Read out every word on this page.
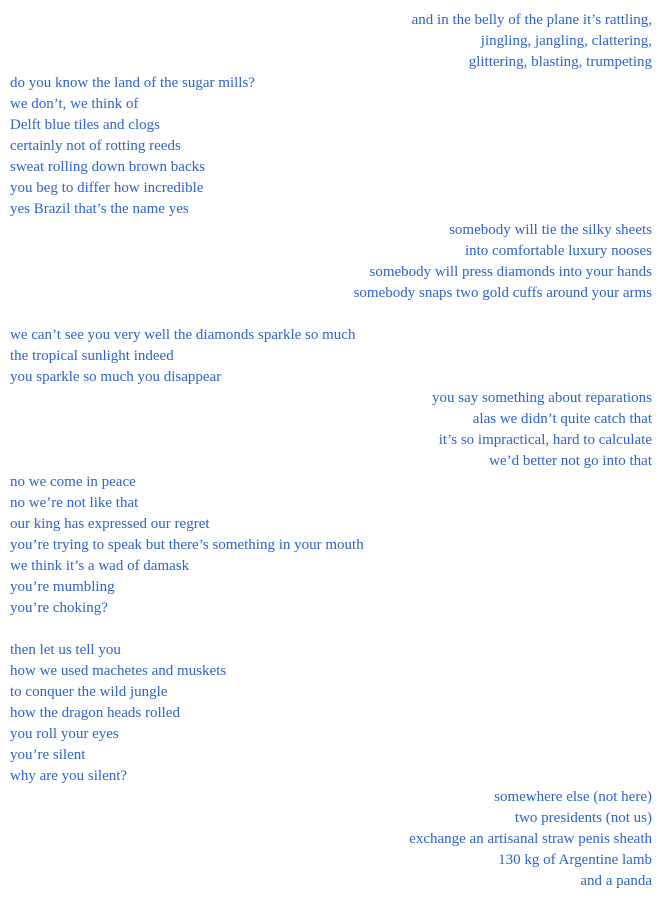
and in the belly of the plane it’s rattling,
jingling, jangling, clattering,
glittering, blasting, trumpeting
do you know the land of the sugar mills?
we don’t, we think of
Delft blue tiles and clogs
certainly not of rotting reeds
sweat rolling down brown backs
you beg to differ how incredible
yes Brazil that’s the name yes
somebody will tie the silky sheets
into comfortable luxury nooses
somebody will press diamonds into your hands
somebody snaps two gold cuffs around your arms
we can’t see you very well the diamonds sparkle so much
the tropical sunlight indeed
you sparkle so much you disappear
you say something about reparations
alas we didn’t quite catch that
it’s so impractical, hard to calculate
we’d better not go into that
no we come in peace
no we’re not like that
our king has expressed our regret
you’re trying to speak but there’s something in your mouth
we think it’s a wad of damask
you’re mumbling
you’re choking?
then let us tell you
how we used machetes and muskets
to conquer the wild jungle
how the dragon heads rolled
you roll your eyes
you’re silent
why are you silent?
somewhere else (not here)
two presidents (not us)
exchange an artisanal straw penis sheath
130 kg of Argentine lamb
and a panda
